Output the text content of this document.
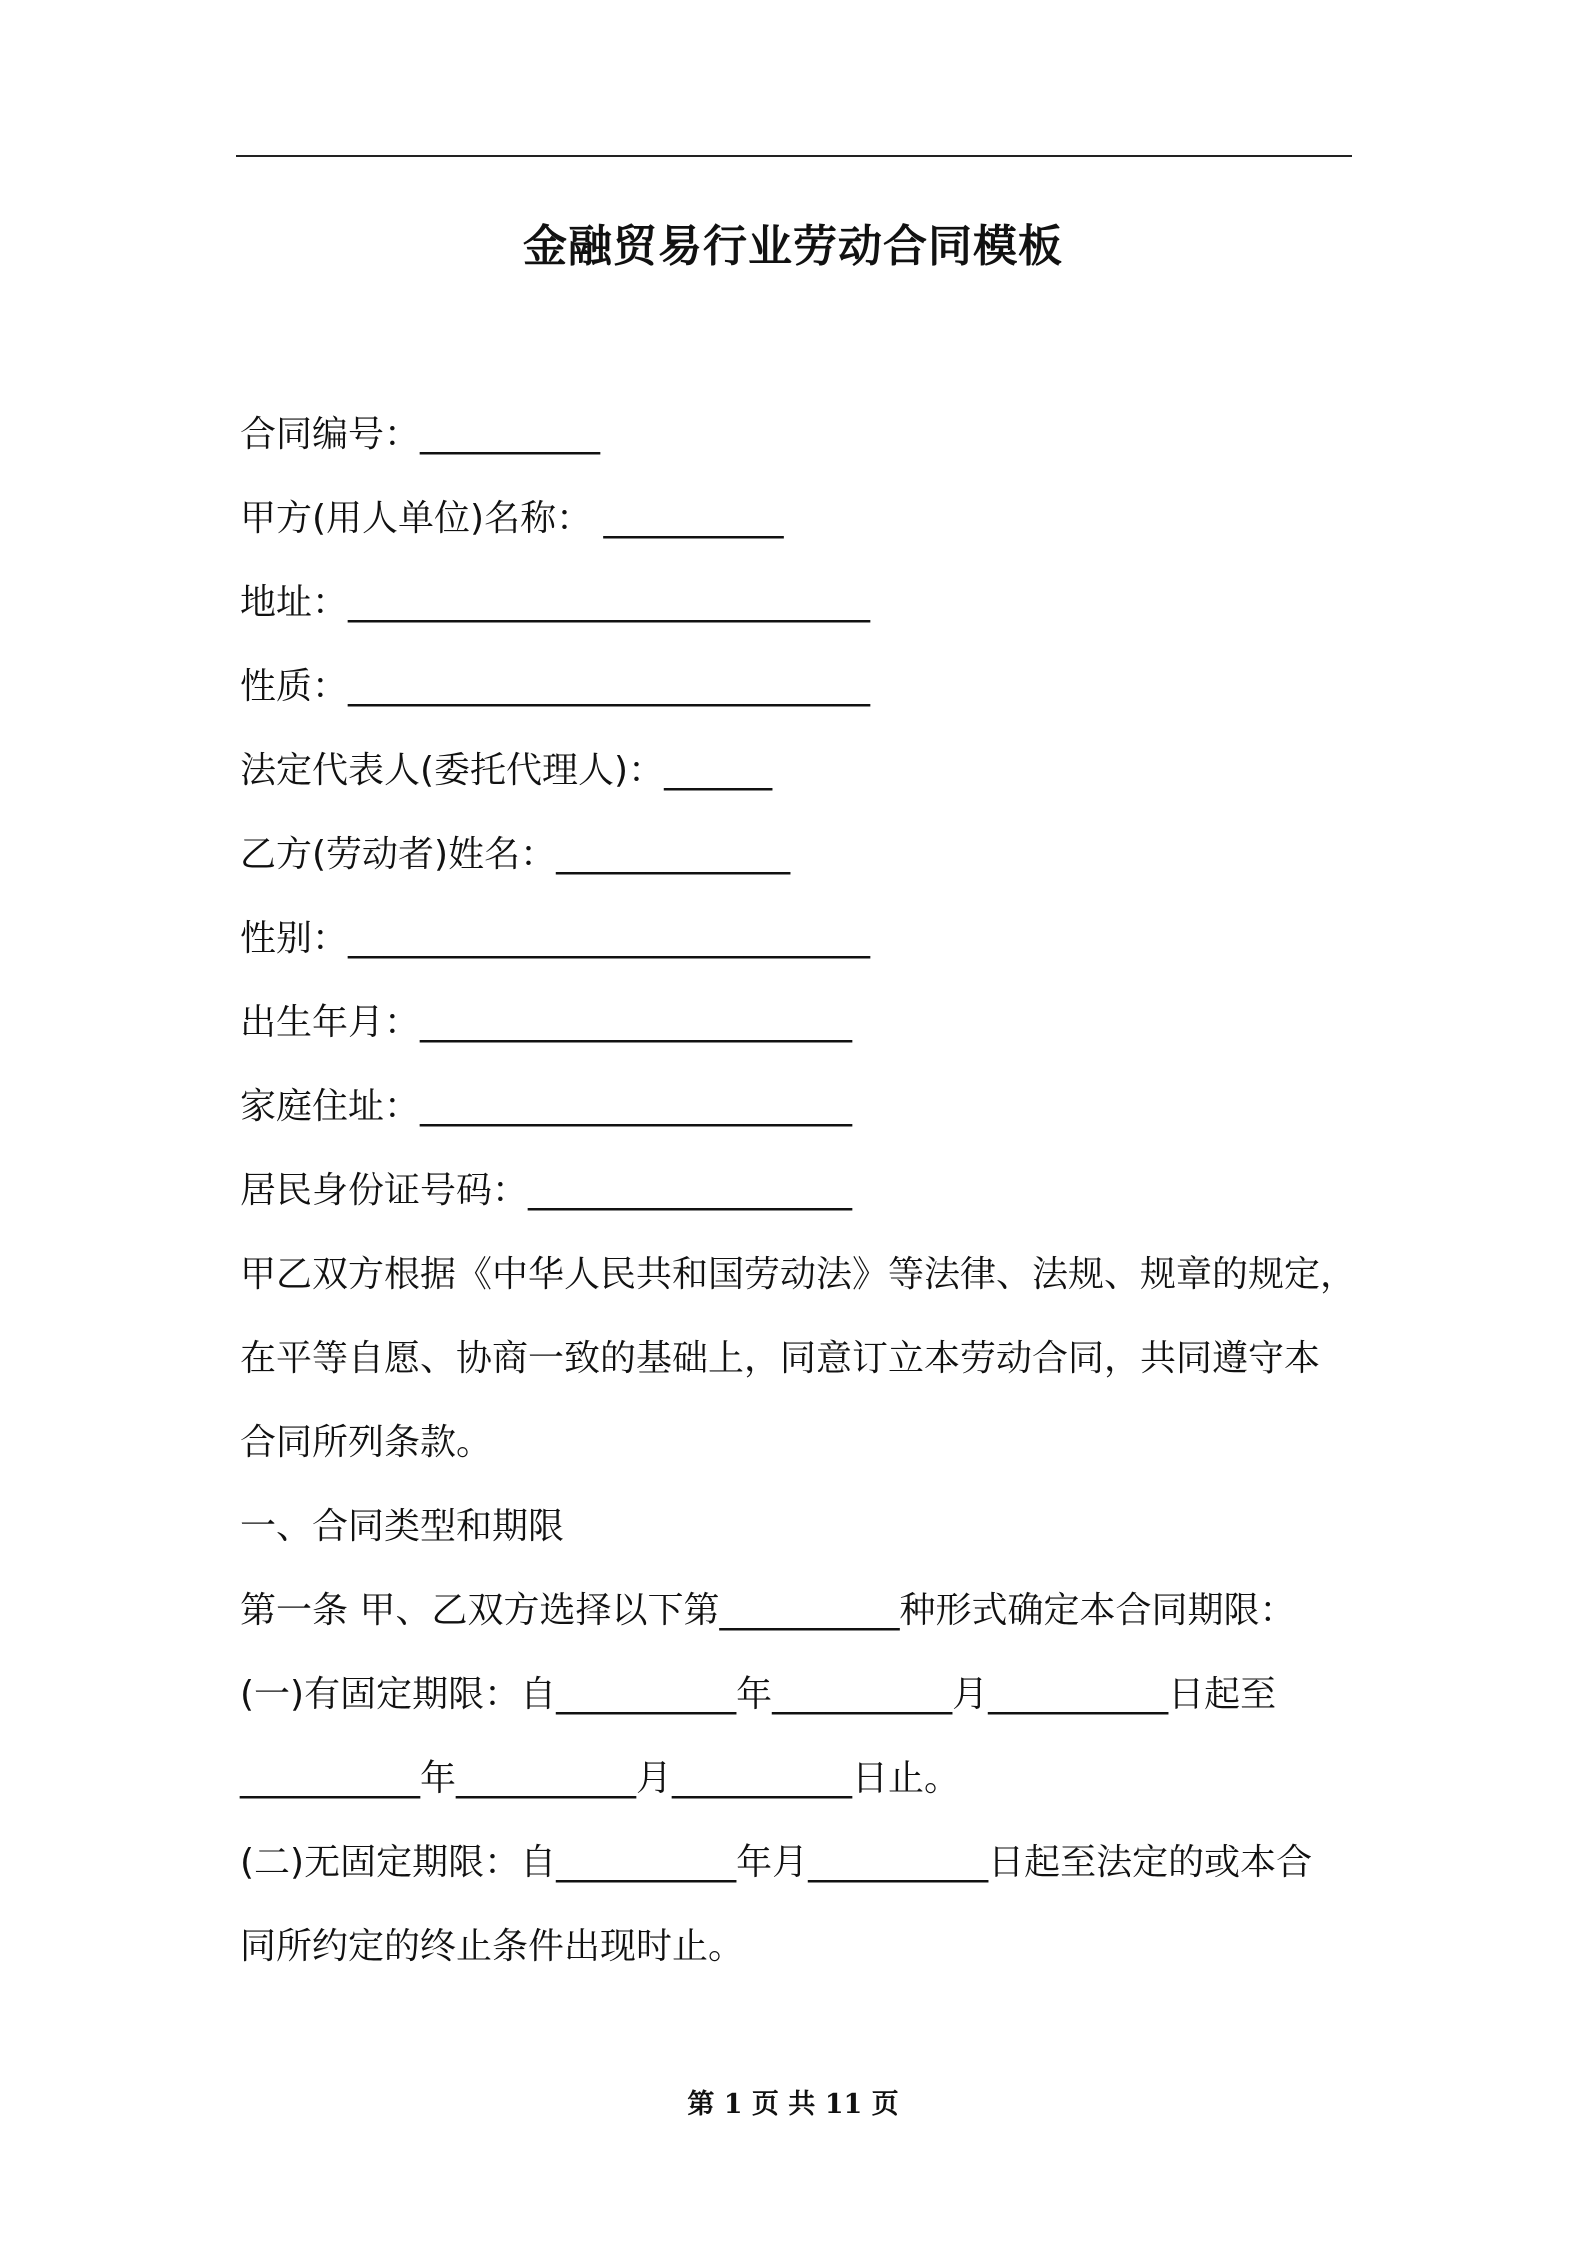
金融贸易行业劳动合同模板
合同编号：__________
甲方(用人单位)名称： __________
地址：_____________________________
性质：_____________________________
法定代表人(委托代理人)：______
乙方(劳动者)姓名：_____________
性别：_____________________________
出生年月：________________________
家庭住址：________________________
居民身份证号码：__________________
甲乙双方根据《中华人民共和国劳动法》等法律、法规、规章的规定，
在平等自愿、协商一致的基础上，同意订立本劳动合同，共同遵守本
合同所列条款。
一、合同类型和期限
第一条 甲、乙双方选择以下第__________种形式确定本合同期限：
(一)有固定期限：自__________年__________月__________日起至
__________年__________月__________日止。
(二)无固定期限：自__________年月__________日起至法定的或本合
同所约定的终止条件出现时止。
第 1 页 共 11 页
